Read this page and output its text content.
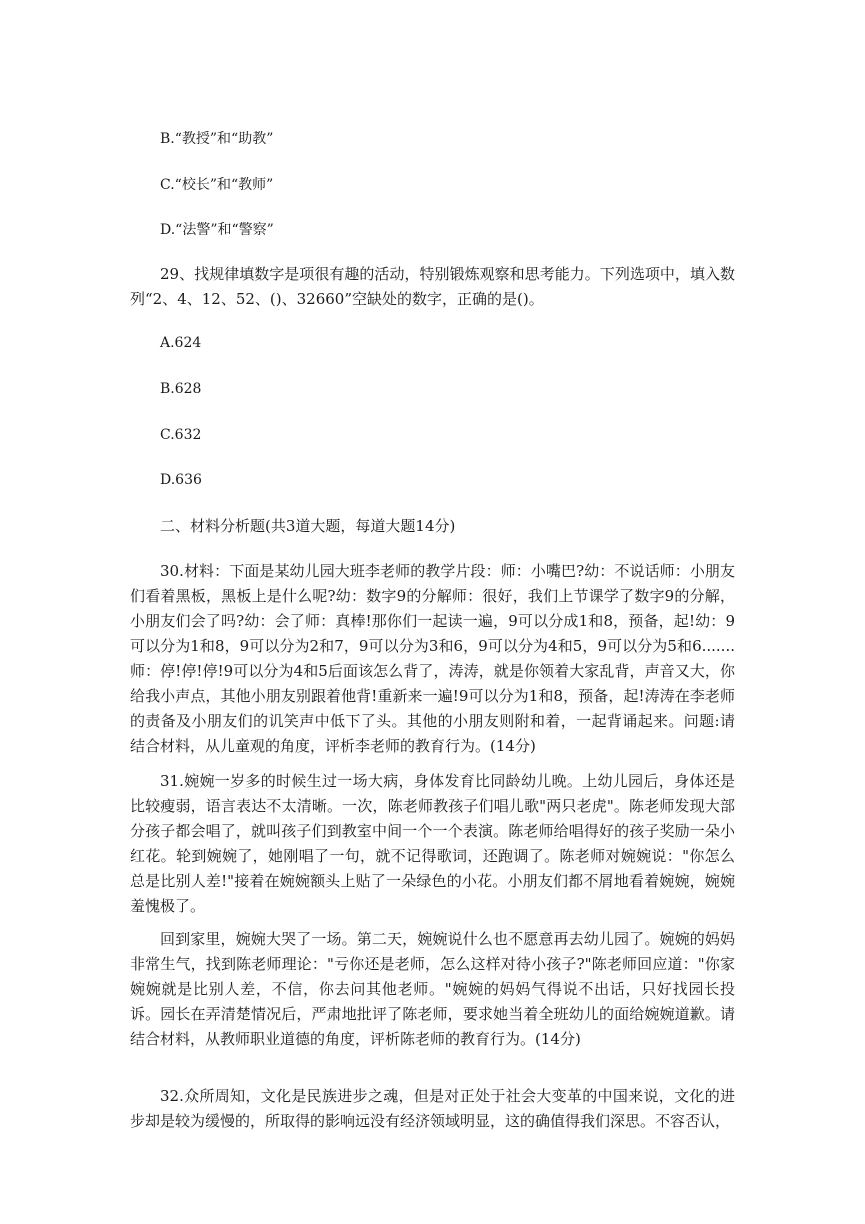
B.“教授”和“助教”
C.“校长”和“教师”
D.“法警”和“警察”
29、找规律填数字是项很有趣的活动，特别锻炼观察和思考能力。下列选项中，填入数列“2、4、12、52、()、32660”空缺处的数字，正确的是()。
A.624
B.628
C.632
D.636
二、材料分析题(共3道大题，每道大题14分)
30.材料：下面是某幼儿园大班李老师的教学片段：师：小嘴巴?幼：不说话师：小朋友们看着黑板，黑板上是什么呢?幼：数字9的分解师：很好，我们上节课学了数字9的分解，小朋友们会了吗?幼：会了师：真棒!那你们一起读一遍，9可以分成1和8，预备，起!幼：9可以分为1和8，9可以分为2和7，9可以分为3和6，9可以分为4和5，9可以分为5和6.......师：停!停!停!9可以分为4和5后面该怎么背了，涛涛，就是你领着大家乱背，声音又大，你给我小声点，其他小朋友别跟着他背!重新来一遍!9可以分为1和8，预备，起!涛涛在李老师的责备及小朋友们的讥笑声中低下了头。其他的小朋友则附和着，一起背诵起来。问题:请结合材料，从儿童观的角度，评析李老师的教育行为。(14分)
31.婉婉一岁多的时候生过一场大病，身体发育比同龄幼儿晚。上幼儿园后，身体还是比较瘦弱，语言表达不太清晰。一次，陈老师教孩子们唱儿歌"两只老虎"。陈老师发现大部分孩子都会唱了，就叫孩子们到教室中间一个一个表演。陈老师给唱得好的孩子奖励一朵小红花。轮到婉婉了，她刚唱了一句，就不记得歌词，还跑调了。陈老师对婉婉说："你怎么总是比别人差!"接着在婉婉额头上贴了一朵绿色的小花。小朋友们都不屑地看着婉婉，婉婉羞愧极了。
回到家里，婉婉大哭了一场。第二天，婉婉说什么也不愿意再去幼儿园了。婉婉的妈妈非常生气，找到陈老师理论："亏你还是老师，怎么这样对待小孩子?"陈老师回应道："你家婉婉就是比别人差，不信，你去问其他老师。"婉婉的妈妈气得说不出话，只好找园长投诉。园长在弄清楚情况后，严肃地批评了陈老师，要求她当着全班幼儿的面给婉婉道歉。请结合材料，从教师职业道德的角度，评析陈老师的教育行为。(14分)
32.众所周知，文化是民族进步之魂，但是对正处于社会大变革的中国来说，文化的进步却是较为缓慢的，所取得的影响远没有经济领域明显，这的确值得我们深思。不容否认，
